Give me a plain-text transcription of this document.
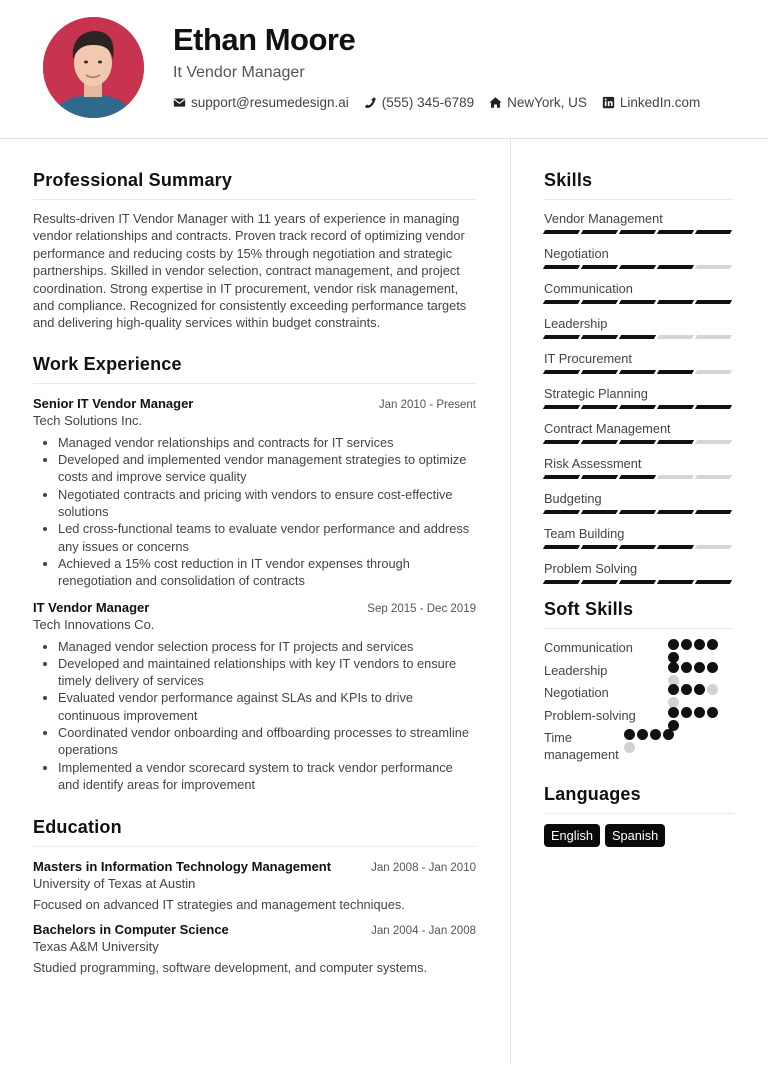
Ethan Moore
It Vendor Manager
support@resumedesign.ai (555) 345-6789 NewYork, US LinkedIn.com
Professional Summary

Results-driven IT Vendor Manager with 11 years of experience in managing vendor relationships and contracts. Proven track record of optimizing vendor performance and reducing costs by 15% through negotiation and strategic partnerships. Skilled in vendor selection, contract management, and project coordination. Strong expertise in IT procurement, vendor risk management, and compliance. Recognized for consistently exceeding performance targets and delivering high-quality services within budget constraints.

Work Experience
Senior IT Vendor Manager	Jan 2010 - Present
Tech Solutions Inc.
• Managed vendor relationships and contracts for IT services
• Developed and implemented vendor management strategies to optimize costs and improve service quality
• Negotiated contracts and pricing with vendors to ensure cost-effective solutions
• Led cross-functional teams to evaluate vendor performance and address any issues or concerns
• Achieved a 15% cost reduction in IT vendor expenses through renegotiation and consolidation of contracts
IT Vendor Manager	Sep 2015 - Dec 2019
Tech Innovations Co.
• Managed vendor selection process for IT projects and services
• Developed and maintained relationships with key IT vendors to ensure timely delivery of services
• Evaluated vendor performance against SLAs and KPIs to drive continuous improvement
• Coordinated vendor onboarding and offboarding processes to streamline operations
• Implemented a vendor scorecard system to track vendor performance and identify areas for improvement
Education
Masters in Information Technology Management	Jan 2008 - Jan 2010
University of Texas at Austin
Focused on advanced IT strategies and management techniques.
Bachelors in Computer Science	Jan 2004 - Jan 2008
Texas A&M University
Studied programming, software development, and computer systems.
Skills
Vendor Management
Negotiation
Communication
Leadership
IT Procurement
Strategic Planning
Contract Management
Risk Assessment
Budgeting
Team Building
Problem Solving
Soft Skills
Communication
Leadership
Negotiation
Problem-solving
Time management
Languages
English	Spanish
